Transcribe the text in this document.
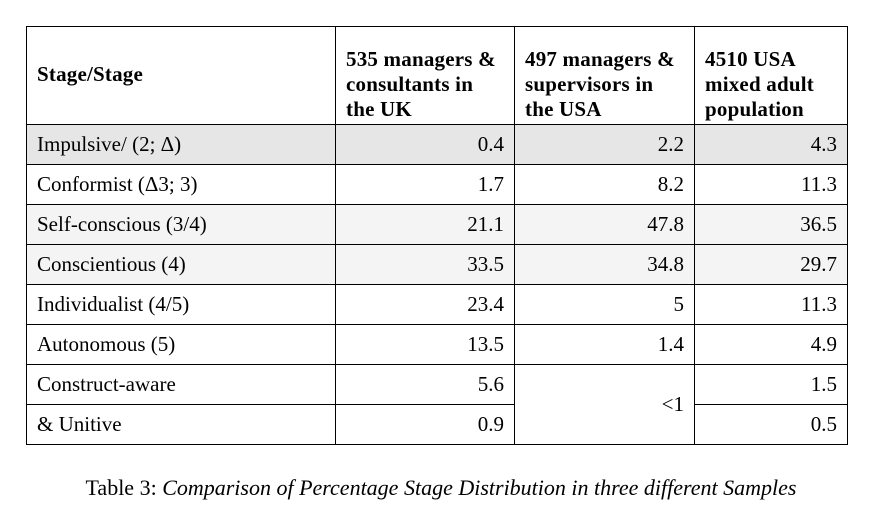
Stage/Stage	535 managers & consultants in the UK	497 managers & supervisors in the USA	4510 USA mixed adult population
Impulsive/ (2; Δ)	0.4	2.2	4.3
Conformist (Δ3; 3)	1.7	8.2	11.3
Self-conscious (3/4)	21.1	47.8	36.5
Conscientious (4)	33.5	34.8	29.7
Individualist (4/5)	23.4	5	11.3
Autonomous (5)	13.5	1.4	4.9
Construct-aware	5.6	<1	1.5
& Unitive	0.9		0.5
Table 3: Comparison of Percentage Stage Distribution in three different Samples
